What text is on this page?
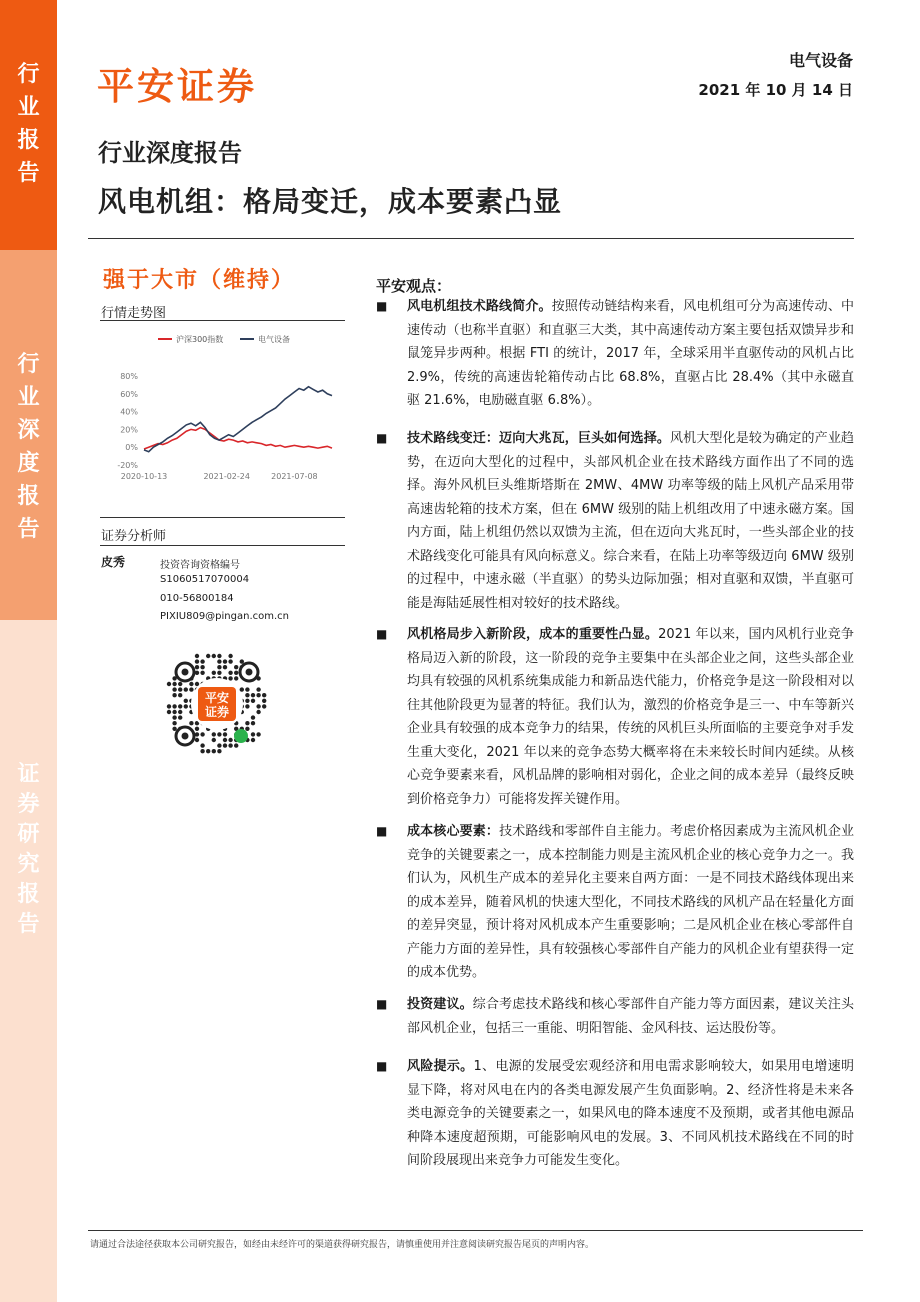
行业报告
行业深度报告
证券研究报告
平安证券
电气设备
2021 年 10 月 14 日
行业深度报告
风电机组：格局变迁，成本要素凸显
强于大市（维持）
行情走势图
沪深300指数	电气设备
80%
60%
40%
20%
0%
-20%
2020-10-13	2021-02-24	2021-07-08
证券分析师
皮秀	投资咨询资格编号
S1060517070004
010-56800184
PIXIU809@pingan.com.cn
平安
证券
平安观点：
■ 风电机组技术路线简介。按照传动链结构来看，风电机组可分为高速传动、中速传动（也称半直驱）和直驱三大类，其中高速传动方案主要包括双馈异步和鼠笼异步两种。根据 FTI 的统计，2017 年，全球采用半直驱传动的风机占比 2.9%，传统的高速齿轮箱传动占比 68.8%，直驱占比 28.4%（其中永磁直驱 21.6%，电励磁直驱 6.8%）。
■ 技术路线变迁：迈向大兆瓦，巨头如何选择。风机大型化是较为确定的产业趋势，在迈向大型化的过程中，头部风机企业在技术路线方面作出了不同的选择。海外风机巨头维斯塔斯在 2MW、4MW 功率等级的陆上风机产品采用带高速齿轮箱的技术方案，但在 6MW 级别的陆上机组改用了中速永磁方案。国内方面，陆上机组仍然以双馈为主流，但在迈向大兆瓦时，一些头部企业的技术路线变化可能具有风向标意义。综合来看，在陆上功率等级迈向 6MW 级别的过程中，中速永磁（半直驱）的势头边际加强；相对直驱和双馈，半直驱可能是海陆延展性相对较好的技术路线。
■ 风机格局步入新阶段，成本的重要性凸显。2021 年以来，国内风机行业竞争格局迈入新的阶段，这一阶段的竞争主要集中在头部企业之间，这些头部企业均具有较强的风机系统集成能力和新品迭代能力，价格竞争是这一阶段相对以往其他阶段更为显著的特征。我们认为，激烈的价格竞争是三一、中车等新兴企业具有较强的成本竞争力的结果，传统的风机巨头所面临的主要竞争对手发生重大变化，2021 年以来的竞争态势大概率将在未来较长时间内延续。从核心竞争要素来看，风机品牌的影响相对弱化，企业之间的成本差异（最终反映到价格竞争力）可能将发挥关键作用。
■ 成本核心要素：技术路线和零部件自主能力。考虑价格因素成为主流风机企业竞争的关键要素之一，成本控制能力则是主流风机企业的核心竞争力之一。我们认为，风机生产成本的差异化主要来自两方面：一是不同技术路线体现出来的成本差异，随着风机的快速大型化，不同技术路线的风机产品在轻量化方面的差异突显，预计将对风机成本产生重要影响；二是风机企业在核心零部件自产能力方面的差异性，具有较强核心零部件自产能力的风机企业有望获得一定的成本优势。
■ 投资建议。综合考虑技术路线和核心零部件自产能力等方面因素，建议关注头部风机企业，包括三一重能、明阳智能、金风科技、运达股份等。
■ 风险提示。1、电源的发展受宏观经济和用电需求影响较大，如果用电增速明显下降，将对风电在内的各类电源发展产生负面影响。2、经济性将是未来各类电源竞争的关键要素之一，如果风电的降本速度不及预期，或者其他电源品种降本速度超预期，可能影响风电的发展。3、不同风机技术路线在不同的时间阶段展现出来竞争力可能发生变化。
请通过合法途径获取本公司研究报告，如经由未经许可的渠道获得研究报告，请慎重使用并注意阅读研究报告尾页的声明内容。
